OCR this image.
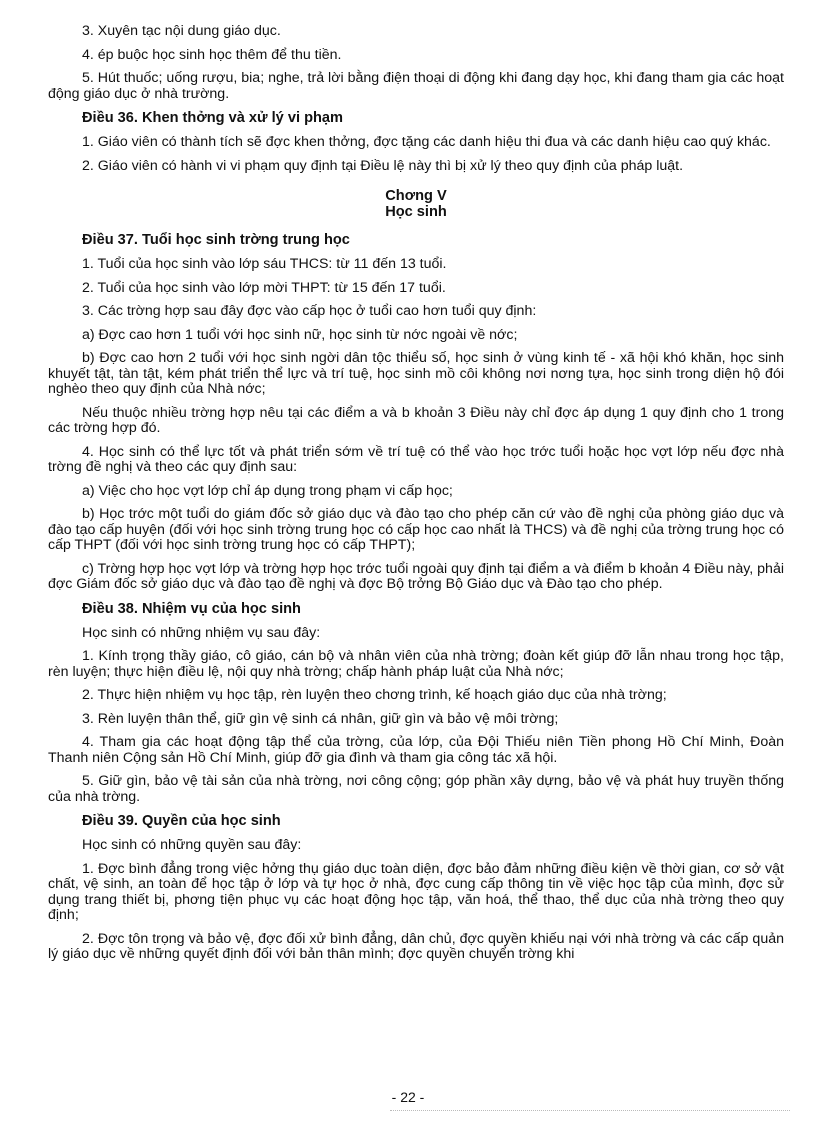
3. Xuyên tạc nội dung giáo dục.

4. ép buộc học sinh học thêm để thu tiền.

5. Hút thuốc; uống rượu, bia; nghe, trả lời bằng điện thoại di động khi đang dạy học, khi đang tham gia các hoạt động giáo dục ở nhà trường.

Điều 36. Khen thởng và xử lý vi phạm

1. Giáo viên có thành tích sẽ đợc khen thởng, đợc tặng các danh hiệu thi đua và các danh hiệu cao quý khác.

2. Giáo viên có hành vi vi phạm quy định tại Điều lệ này thì bị xử lý theo quy định của pháp luật.

Chơng V
Học sinh
Điều 37. Tuổi học sinh trờng trung học

1. Tuổi của học sinh vào lớp sáu THCS: từ 11 đến 13 tuổi.

2. Tuổi của học sinh vào lớp mời THPT: từ 15 đến 17 tuổi.

3. Các trờng hợp sau đây đợc vào cấp học ở tuổi cao hơn tuổi quy định:

a) Đợc cao hơn 1 tuổi với học sinh nữ, học sinh từ nớc ngoài về nớc;

b) Đợc cao hơn 2 tuổi với học sinh ngời dân tộc thiểu số, học sinh ở vùng kinh tế - xã hội khó khăn, học sinh khuyết tật, tàn tật, kém phát triển thể lực và trí tuệ, học sinh mồ côi không nơi nơng tựa, học sinh trong diện hộ đói nghèo theo quy định của Nhà nớc;

Nếu thuộc nhiều trờng hợp nêu tại các điểm a và b khoản 3 Điều này chỉ đợc áp dụng 1 quy định cho 1 trong các trờng hợp đó.

4. Học sinh có thể lực tốt và phát triển sớm về trí tuệ có thể vào học trớc tuổi hoặc học vợt lớp nếu đợc nhà trờng đề nghị và theo các quy định sau:

a) Việc cho học vợt lớp chỉ áp dụng trong phạm vi cấp học;

b) Học trớc một tuổi do giám đốc sở giáo dục và đào tạo cho phép căn cứ vào đề nghị của phòng giáo dục và đào tạo cấp huyện (đối với học sinh trờng trung học có cấp học cao nhất là THCS) và đề nghị của trờng trung học có cấp THPT (đối với học sinh trờng trung học có cấp THPT);

c) Trờng hợp học vợt lớp và trờng hợp học trớc tuổi ngoài quy định tại điểm a và điểm b khoản 4 Điều này, phải đợc Giám đốc sở giáo dục và đào tạo đề nghị và đợc Bộ trởng Bộ Giáo dục và Đào tạo cho phép.

Điều 38. Nhiệm vụ của học sinh

Học sinh có những nhiệm vụ sau đây:

1. Kính trọng thầy giáo, cô giáo, cán bộ và nhân viên của nhà trờng; đoàn kết giúp đỡ lẫn nhau trong học tập, rèn luyện; thực hiện điều lệ, nội quy nhà trờng; chấp hành pháp luật của Nhà nớc;

2. Thực hiện nhiệm vụ học tập, rèn luyện theo chơng trình, kế hoạch giáo dục của nhà trờng;

3. Rèn luyện thân thể, giữ gìn vệ sinh cá nhân, giữ gìn và bảo vệ môi trờng;

4. Tham gia các hoạt động tập thể của trờng, của lớp, của Đội Thiếu niên Tiền phong Hồ Chí Minh, Đoàn Thanh niên Cộng sản Hồ Chí Minh, giúp đỡ gia đình và tham gia công tác xã hội.

5. Giữ gìn, bảo vệ tài sản của nhà trờng, nơi công cộng; góp phần xây dựng, bảo vệ và phát huy truyền thống của nhà trờng.

Điều 39. Quyền của học sinh

Học sinh có những quyền sau đây:

1. Đợc bình đẳng trong việc hởng thụ giáo dục toàn diện, đợc bảo đảm những điều kiện về thời gian, cơ sở vật chất, vệ sinh, an toàn để học tập ở lớp và tự học ở nhà, đợc cung cấp thông tin về việc học tập của mình, đợc sử dụng trang thiết bị, phơng tiện phục vụ các hoạt động học tập, văn hoá, thể thao, thể dục của nhà trờng theo quy định;

2. Đợc tôn trọng và bảo vệ, đợc đối xử bình đẳng, dân chủ, đợc quyền khiếu nại với nhà trờng và các cấp quản lý giáo dục về những quyết định đối với bản thân mình; đợc quyền chuyển trờng khi

- 22 -
